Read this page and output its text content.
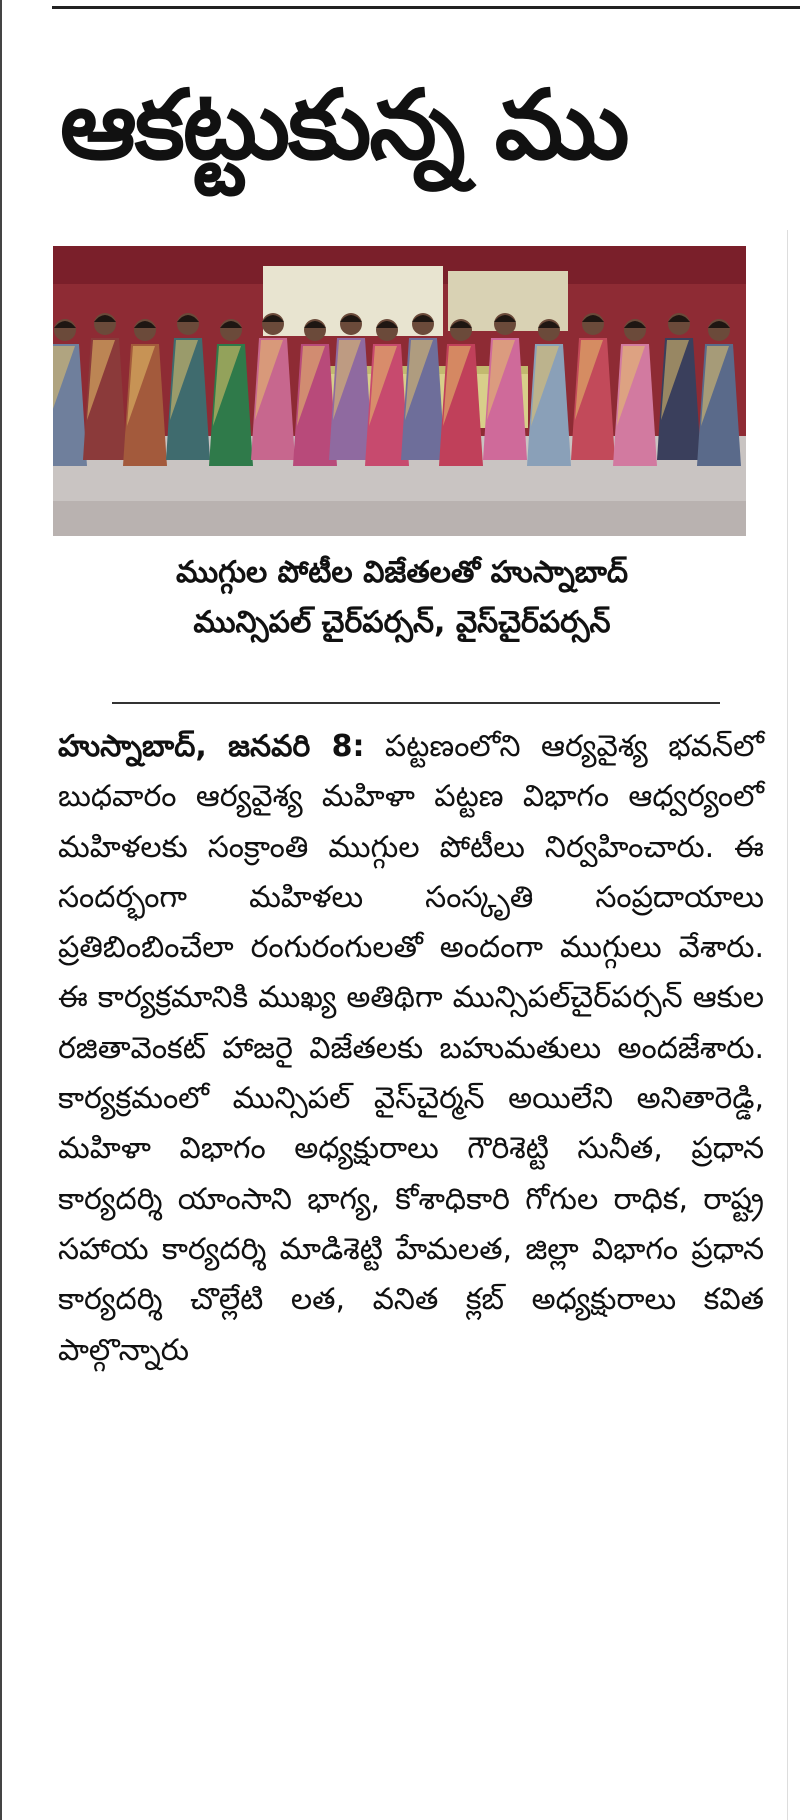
ఆకట్టుకున్న ము
ముగ్గుల పోటీల విజేతలతో హుస్నాబాద్
మున్సిపల్ చైర్‌పర్సన్, వైస్‌చైర్‌పర్సన్

హుస్నాబాద్, జనవరి 8: పట్టణంలోని ఆర్యవైశ్య భవన్‌లో బుధవారం ఆర్యవైశ్య మహిళా పట్టణ విభాగం ఆధ్వర్యంలో మహిళలకు సంక్రాంతి ముగ్గుల పోటీలు నిర్వహించారు. ఈ సందర్భంగా మహిళలు సంస్కృతి సంప్రదాయాలు ప్రతిబింబించేలా రంగురంగులతో అందంగా ముగ్గులు వేశారు. ఈ కార్యక్రమానికి ముఖ్య అతిథిగా మున్సిపల్‌చైర్‌పర్సన్ ఆకుల రజితావెంకట్ హాజరై విజేతలకు బహుమతులు అందజేశారు. కార్యక్రమంలో మున్సిపల్ వైస్‌చైర్మన్ అయిలేని అనితారెడ్డి, మహిళా విభాగం అధ్యక్షురాలు గౌరిశెట్టి సునీత, ప్రధాన కార్యదర్శి యాంసాని భాగ్య, కోశాధికారి గోగుల రాధిక, రాష్ట్ర సహాయ కార్యదర్శి మాడిశెట్టి హేమలత, జిల్లా విభాగం ప్రధాన కార్యదర్శి చొల్లేటి లత, వనిత క్లబ్ అధ్యక్షురాలు కవిత పాల్గొన్నారు
